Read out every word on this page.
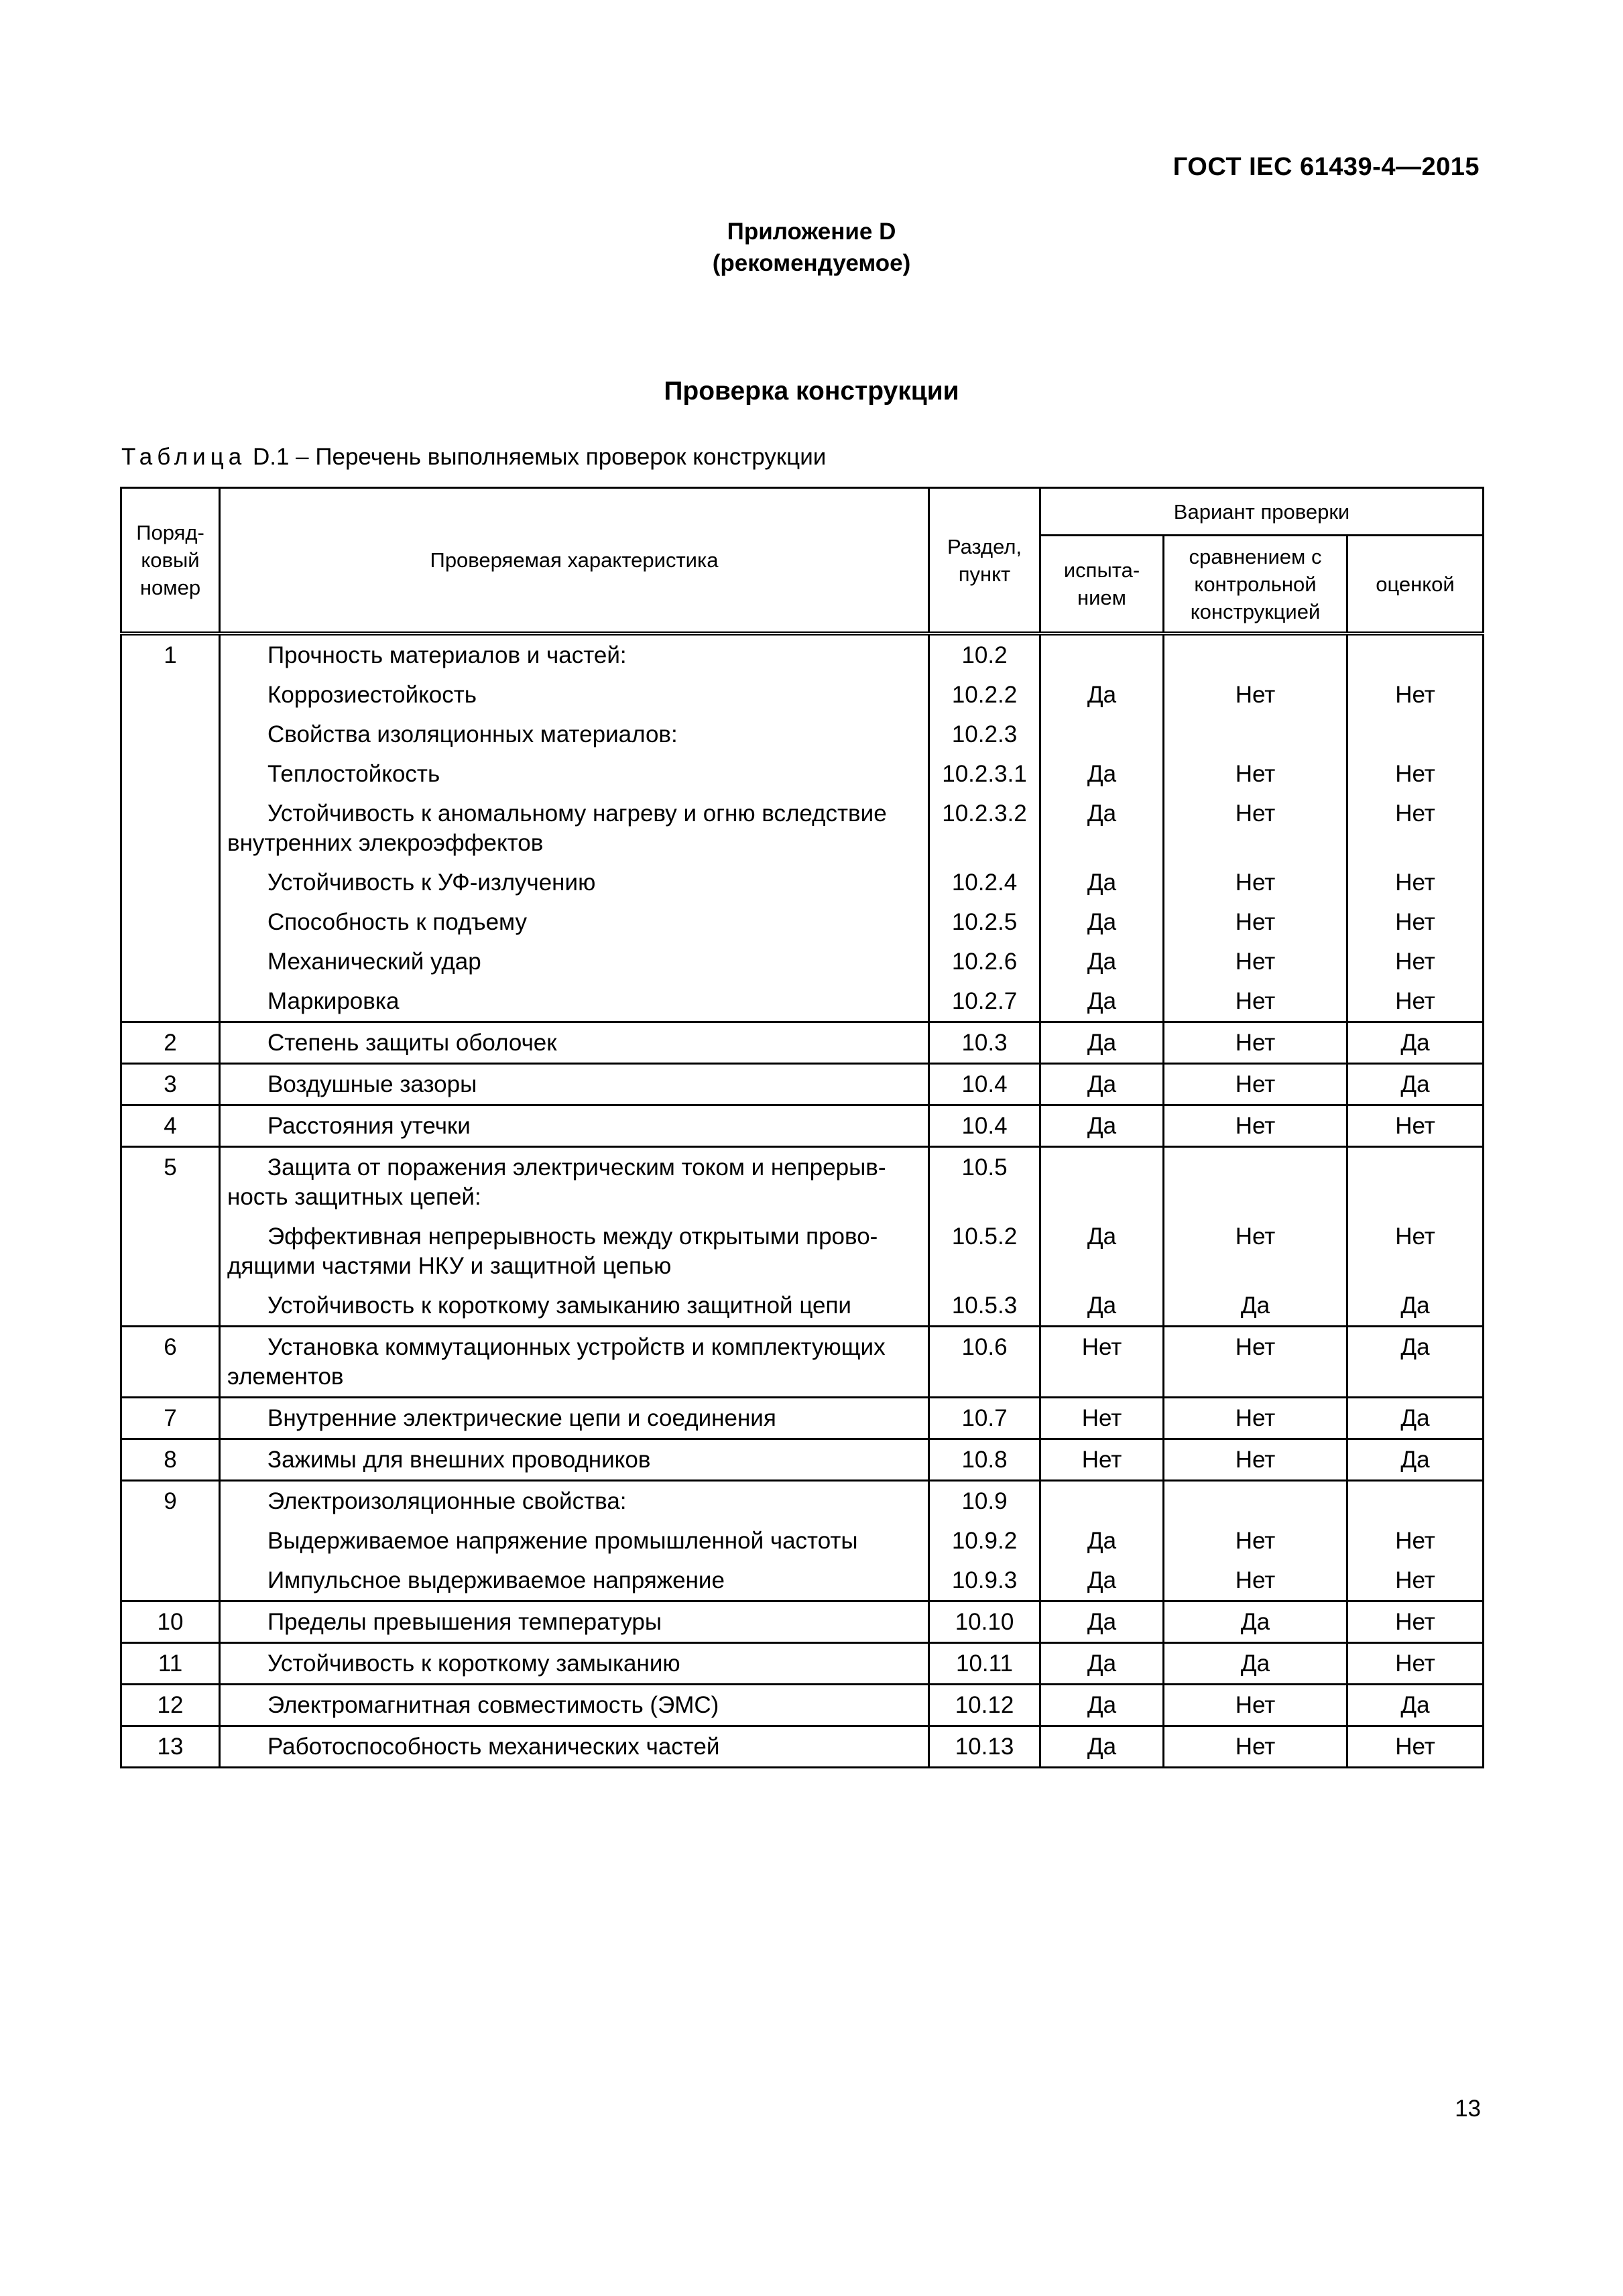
ГОСТ IEC 61439-4—2015
Приложение D
(рекомендуемое)
Проверка конструкции
Таблица D.1 – Перечень выполняемых проверок конструкции
Поряд-ковый номер	Проверяемая характеристика	Раздел, пункт	Вариант проверки		
			испыта-нием	сравнением с контрольной конструкцией	оценкой
1	Прочность материалов и частей:	10.2			
	Коррозиестойкость	10.2.2	Да	Нет	Нет
	Свойства изоляционных материалов:	10.2.3			
	Теплостойкость	10.2.3.1	Да	Нет	Нет
	Устойчивость к аномальному нагреву и огню вследствие внутренних элекроэффектов	10.2.3.2	Да	Нет	Нет
	Устойчивость к УФ-излучению	10.2.4	Да	Нет	Нет
	Способность к подъему	10.2.5	Да	Нет	Нет
	Механический удар	10.2.6	Да	Нет	Нет
	Маркировка	10.2.7	Да	Нет	Нет
2	Степень защиты оболочек	10.3	Да	Нет	Да
3	Воздушные зазоры	10.4	Да	Нет	Да
4	Расстояния утечки	10.4	Да	Нет	Нет
5	Защита от поражения электрическим током и непрерыв-ность защитных цепей:	10.5			
	Эффективная непрерывность между открытыми прово-дящими частями НКУ и защитной цепью	10.5.2	Да	Нет	Нет
	Устойчивость к короткому замыканию защитной цепи	10.5.3	Да	Да	Да
6	Установка коммутационных устройств и комплектующих элементов	10.6	Нет	Нет	Да
7	Внутренние электрические цепи и соединения	10.7	Нет	Нет	Да
8	Зажимы для внешних проводников	10.8	Нет	Нет	Да
9	Электроизоляционные свойства:	10.9			
	Выдерживаемое напряжение промышленной частоты	10.9.2	Да	Нет	Нет
	Импульсное выдерживаемое напряжение	10.9.3	Да	Нет	Нет
10	Пределы превышения температуры	10.10	Да	Да	Нет
11	Устойчивость к короткому замыканию	10.11	Да	Да	Нет
12	Электромагнитная совместимость (ЭМС)	10.12	Да	Нет	Да
13	Работоспособность механических частей	10.13	Да	Нет	Нет
13
